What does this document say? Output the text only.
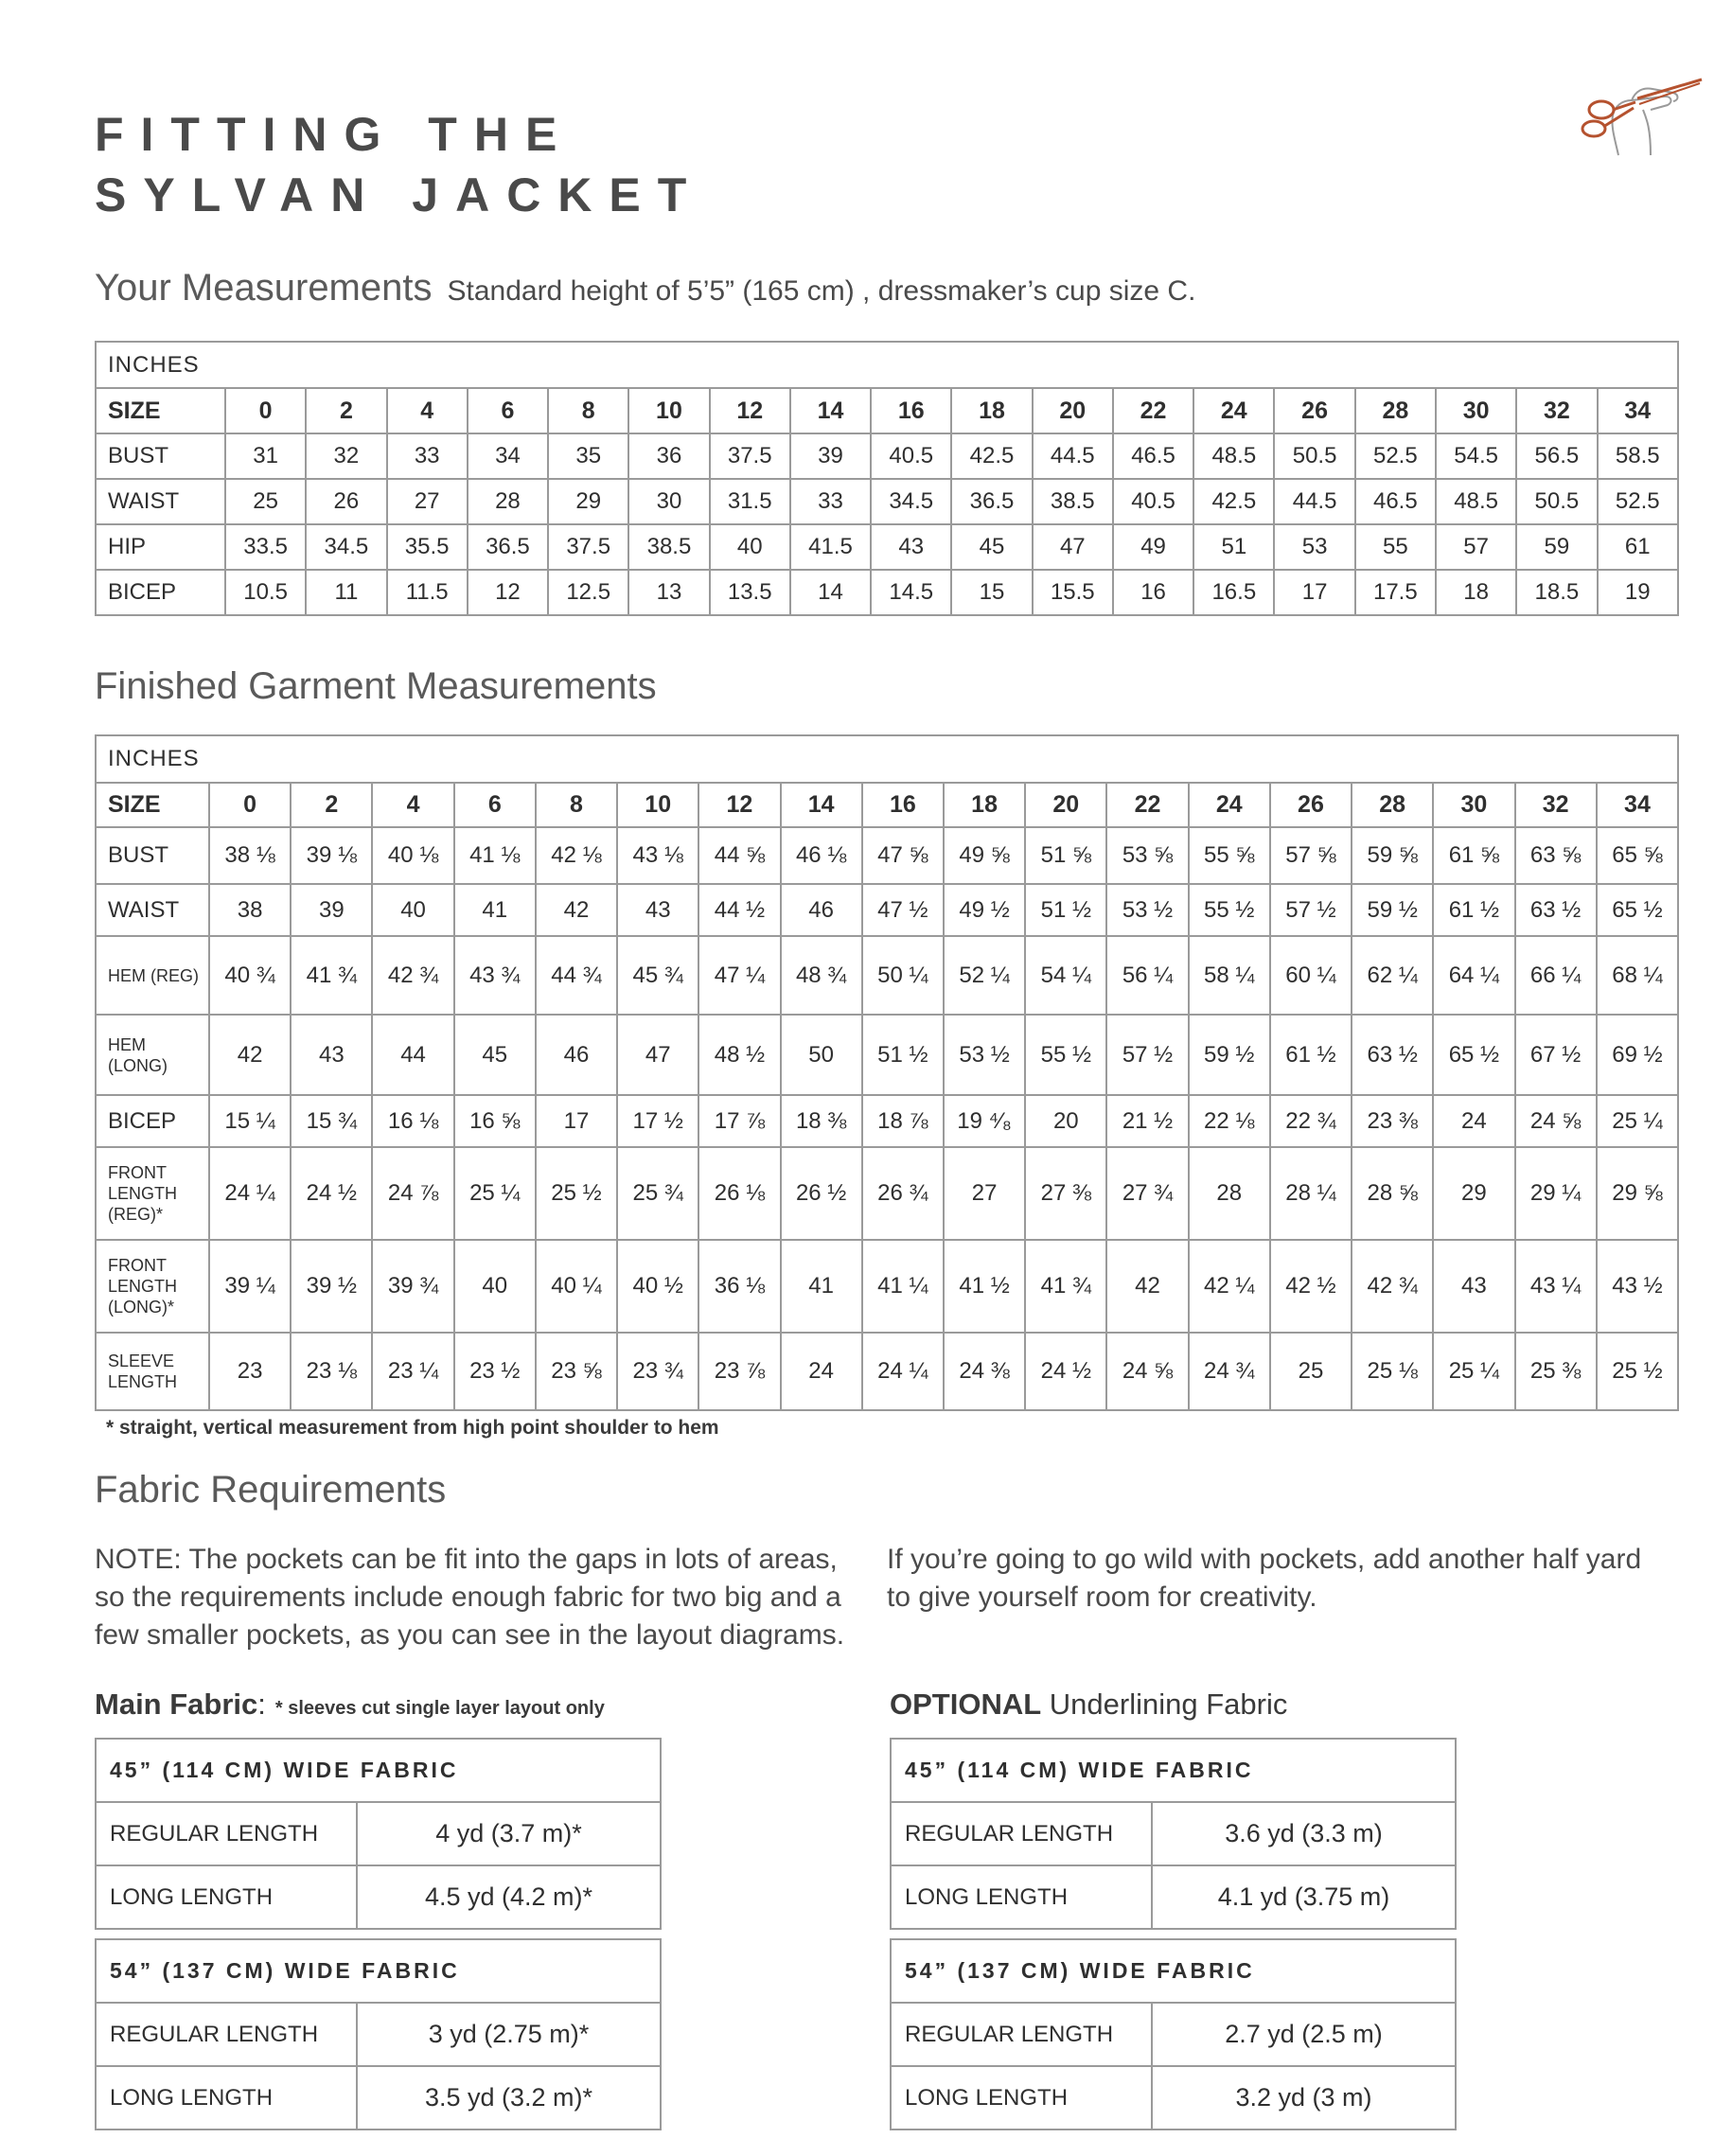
FITTING THE
SYLVAN JACKET
Your Measurements Standard height of 5’5” (165 cm) , dressmaker’s cup size C.
INCHES																		
SIZE	0	2	4	6	8	10	12	14	16	18	20	22	24	26	28	30	32	34
BUST	31	32	33	34	35	36	37.5	39	40.5	42.5	44.5	46.5	48.5	50.5	52.5	54.5	56.5	58.5
WAIST	25	26	27	28	29	30	31.5	33	34.5	36.5	38.5	40.5	42.5	44.5	46.5	48.5	50.5	52.5
HIP	33.5	34.5	35.5	36.5	37.5	38.5	40	41.5	43	45	47	49	51	53	55	57	59	61
BICEP	10.5	11	11.5	12	12.5	13	13.5	14	14.5	15	15.5	16	16.5	17	17.5	18	18.5	19
Finished Garment Measurements
INCHES																		
SIZE	0	2	4	6	8	10	12	14	16	18	20	22	24	26	28	30	32	34
BUST	38 ⅛	39 ⅛	40 ⅛	41 ⅛	42 ⅛	43 ⅛	44 ⅝	46 ⅛	47 ⅝	49 ⅝	51 ⅝	53 ⅝	55 ⅝	57 ⅝	59 ⅝	61 ⅝	63 ⅝	65 ⅝
WAIST	38	39	40	41	42	43	44 ½	46	47 ½	49 ½	51 ½	53 ½	55 ½	57 ½	59 ½	61 ½	63 ½	65 ½
HEM (REG)	40 ¾	41 ¾	42 ¾	43 ¾	44 ¾	45 ¾	47 ¼	48 ¾	50 ¼	52 ¼	54 ¼	56 ¼	58 ¼	60 ¼	62 ¼	64 ¼	66 ¼	68 ¼
HEM
(LONG)	42	43	44	45	46	47	48 ½	50	51 ½	53 ½	55 ½	57 ½	59 ½	61 ½	63 ½	65 ½	67 ½	69 ½
BICEP	15 ¼	15 ¾	16 ⅛	16 ⅝	17	17 ½	17 ⅞	18 ⅜	18 ⅞	19 ⁴⁄₈	20	21 ½	22 ⅛	22 ¾	23 ⅜	24	24 ⅝	25 ¼
FRONT
LENGTH
(REG)*	24 ¼	24 ½	24 ⅞	25 ¼	25 ½	25 ¾	26 ⅛	26 ½	26 ¾	27	27 ⅜	27 ¾	28	28 ¼	28 ⅝	29	29 ¼	29 ⅝
FRONT
LENGTH
(LONG)*	39 ¼	39 ½	39 ¾	40	40 ¼	40 ½	36 ⅛	41	41 ¼	41 ½	41 ¾	42	42 ¼	42 ½	42 ¾	43	43 ¼	43 ½
SLEEVE
LENGTH	23	23 ⅛	23 ¼	23 ½	23 ⅝	23 ¾	23 ⅞	24	24 ¼	24 ⅜	24 ½	24 ⅝	24 ¾	25	25 ⅛	25 ¼	25 ⅜	25 ½

* straight, vertical measurement from high point shoulder to hem

Fabric Requirements

NOTE: The pockets can be fit into the gaps in lots of areas, so the requirements include enough fabric for two big and a few smaller pockets, as you can see in the layout diagrams.

If you’re going to go wild with pockets, add another half yard to give yourself room for creativity.

Main Fabric: * sleeves cut single layer layout only	OPTIONAL Underlining Fabric
45” (114 CM) WIDE FABRIC	
REGULAR LENGTH	4 yd (3.7 m)*
LONG LENGTH	4.5 yd (4.2 m)*
54” (137 CM) WIDE FABRIC	
REGULAR LENGTH	3 yd (2.75 m)*
LONG LENGTH	3.5 yd (3.2 m)*
45” (114 CM) WIDE FABRIC	
REGULAR LENGTH	3.6 yd (3.3 m)
LONG LENGTH	4.1 yd (3.75 m)
54” (137 CM) WIDE FABRIC	
REGULAR LENGTH	2.7 yd (2.5 m)
LONG LENGTH	3.2 yd (3 m)
